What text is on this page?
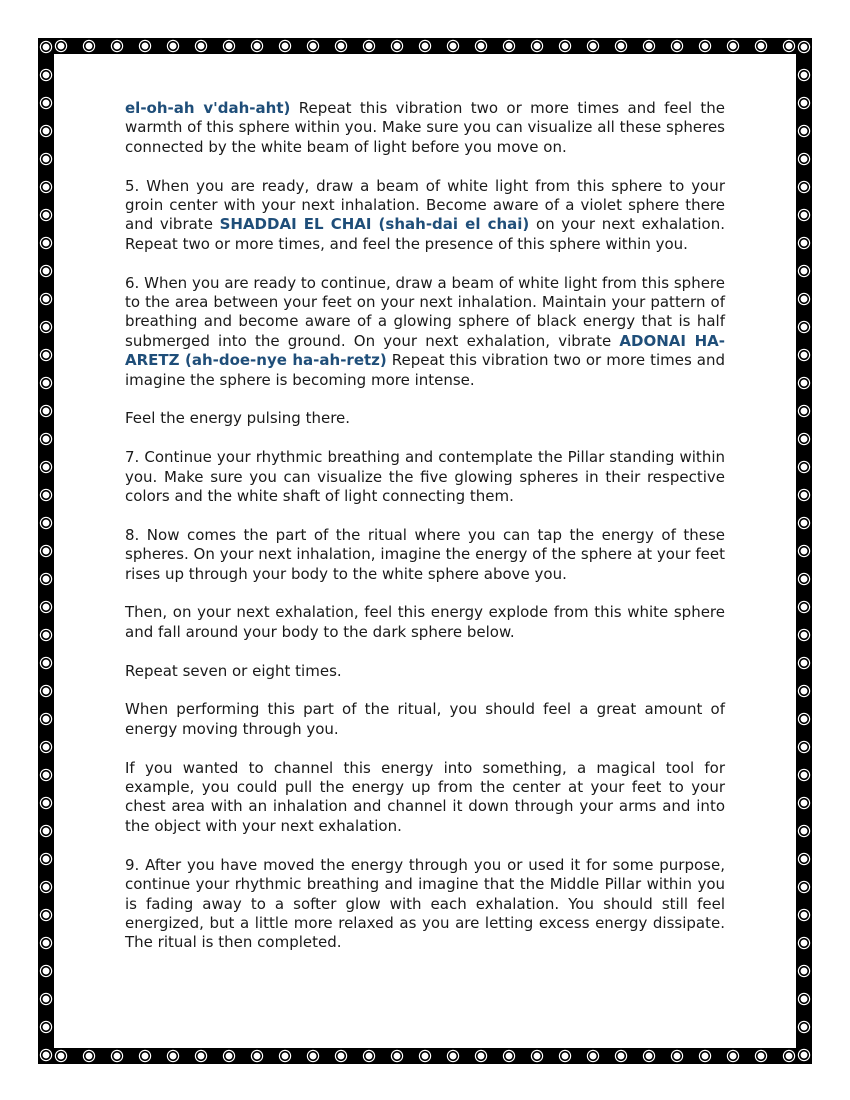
el-oh-ah v'dah-aht) Repeat this vibration two or more times and feel the warmth of this sphere within you. Make sure you can visualize all these spheres connected by the white beam of light before you move on.

5. When you are ready, draw a beam of white light from this sphere to your groin center with your next inhalation. Become aware of a violet sphere there and vibrate SHADDAI EL CHAI (shah-dai el chai) on your next exhalation. Repeat two or more times, and feel the presence of this sphere within you.

6. When you are ready to continue, draw a beam of white light from this sphere to the area between your feet on your next inhalation. Maintain your pattern of breathing and become aware of a glowing sphere of black energy that is half submerged into the ground. On your next exhalation, vibrate ADONAI HA-ARETZ (ah-doe-nye ha-ah-retz) Repeat this vibration two or more times and imagine the sphere is becoming more intense.

Feel the energy pulsing there.

7. Continue your rhythmic breathing and contemplate the Pillar standing within you. Make sure you can visualize the five glowing spheres in their respective colors and the white shaft of light connecting them.

8. Now comes the part of the ritual where you can tap the energy of these spheres. On your next inhalation, imagine the energy of the sphere at your feet rises up through your body to the white sphere above you.

Then, on your next exhalation, feel this energy explode from this white sphere and fall around your body to the dark sphere below.

Repeat seven or eight times.

When performing this part of the ritual, you should feel a great amount of energy moving through you.

If you wanted to channel this energy into something, a magical tool for example, you could pull the energy up from the center at your feet to your chest area with an inhalation and channel it down through your arms and into the object with your next exhalation.

9. After you have moved the energy through you or used it for some purpose, continue your rhythmic breathing and imagine that the Middle Pillar within you is fading away to a softer glow with each exhalation. You should still feel energized, but a little more relaxed as you are letting excess energy dissipate. The ritual is then completed.
